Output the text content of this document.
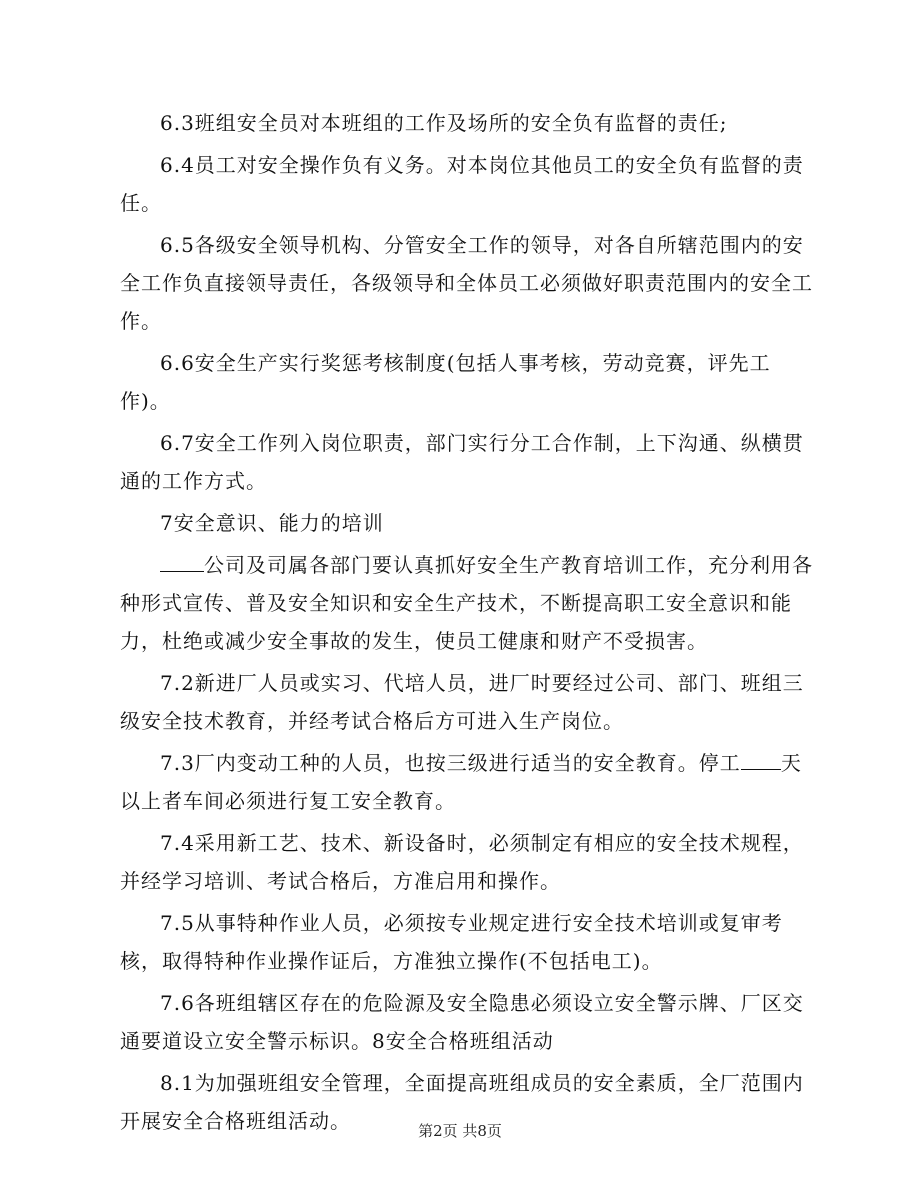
6.3班组安全员对本班组的工作及场所的安全负有监督的责任;

6.4员工对安全操作负有义务。对本岗位其他员工的安全负有监督的责任。

6.5各级安全领导机构、分管安全工作的领导，对各自所辖范围内的安全工作负直接领导责任，各级领导和全体员工必须做好职责范围内的安全工作。

6.6安全生产实行奖惩考核制度(包括人事考核，劳动竞赛，评先工作)。

6.7安全工作列入岗位职责，部门实行分工合作制，上下沟通、纵横贯通的工作方式。

7安全意识、能力的培训

公司及司属各部门要认真抓好安全生产教育培训工作，充分利用各种形式宣传、普及安全知识和安全生产技术，不断提高职工安全意识和能力，杜绝或减少安全事故的发生，使员工健康和财产不受损害。

7.2新进厂人员或实习、代培人员，进厂时要经过公司、部门、班组三级安全技术教育，并经考试合格后方可进入生产岗位。

7.3厂内变动工种的人员，也按三级进行适当的安全教育。停工 天以上者车间必须进行复工安全教育。

7.4采用新工艺、技术、新设备时，必须制定有相应的安全技术规程，并经学习培训、考试合格后，方准启用和操作。

7.5从事特种作业人员，必须按专业规定进行安全技术培训或复审考核，取得特种作业操作证后，方准独立操作(不包括电工)。

7.6各班组辖区存在的危险源及安全隐患必须设立安全警示牌、厂区交通要道设立安全警示标识。8安全合格班组活动

8.1为加强班组安全管理，全面提高班组成员的安全素质，全厂范围内开展安全合格班组活动。	第2页 共8页
